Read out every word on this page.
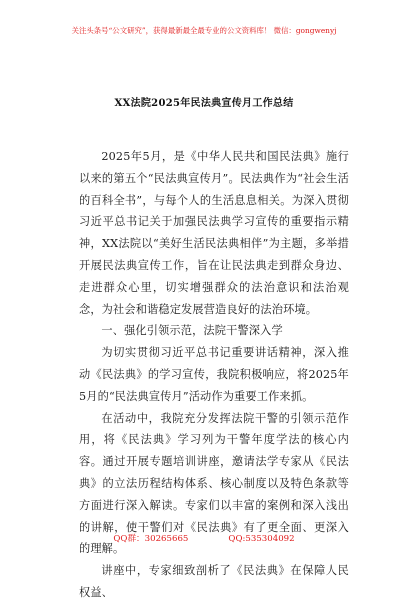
关注头条号“公文研究”，获得最新最全最专业的公文资料库！ 微信：gongwenyj
XX法院2025年民法典宣传月工作总结

2025年5月，是《中华人民共和国民法典》施行以来的第五个“民法典宣传月”。民法典作为“社会生活的百科全书”，与每个人的生活息息相关。为深入贯彻习近平总书记关于加强民法典学习宣传的重要指示精神，XX法院以“美好生活民法典相伴”为主题，多举措开展民法典宣传工作，旨在让民法典走到群众身边、走进群众心里，切实增强群众的法治意识和法治观念，为社会和谐稳定发展营造良好的法治环境。

一、强化引领示范，法院干警深入学

为切实贯彻习近平总书记重要讲话精神，深入推动《民法典》的学习宣传，我院积极响应，将2025年5月的“民法典宣传月”活动作为重要工作来抓。

在活动中，我院充分发挥法院干警的引领示范作用，将《民法典》学习列为干警年度学法的核心内容。通过开展专题培训讲座，邀请法学专家从《民法典》的立法历程结构体系、核心制度以及特色条款等方面进行深入解读。专家们以丰富的案例和深入浅出的讲解，使干警们对《民法典》有了更全面、更深入的理解。

讲座中，专家细致剖析了《民法典》在保障人民权益、

QQ群：30265665	QQ:535304092
